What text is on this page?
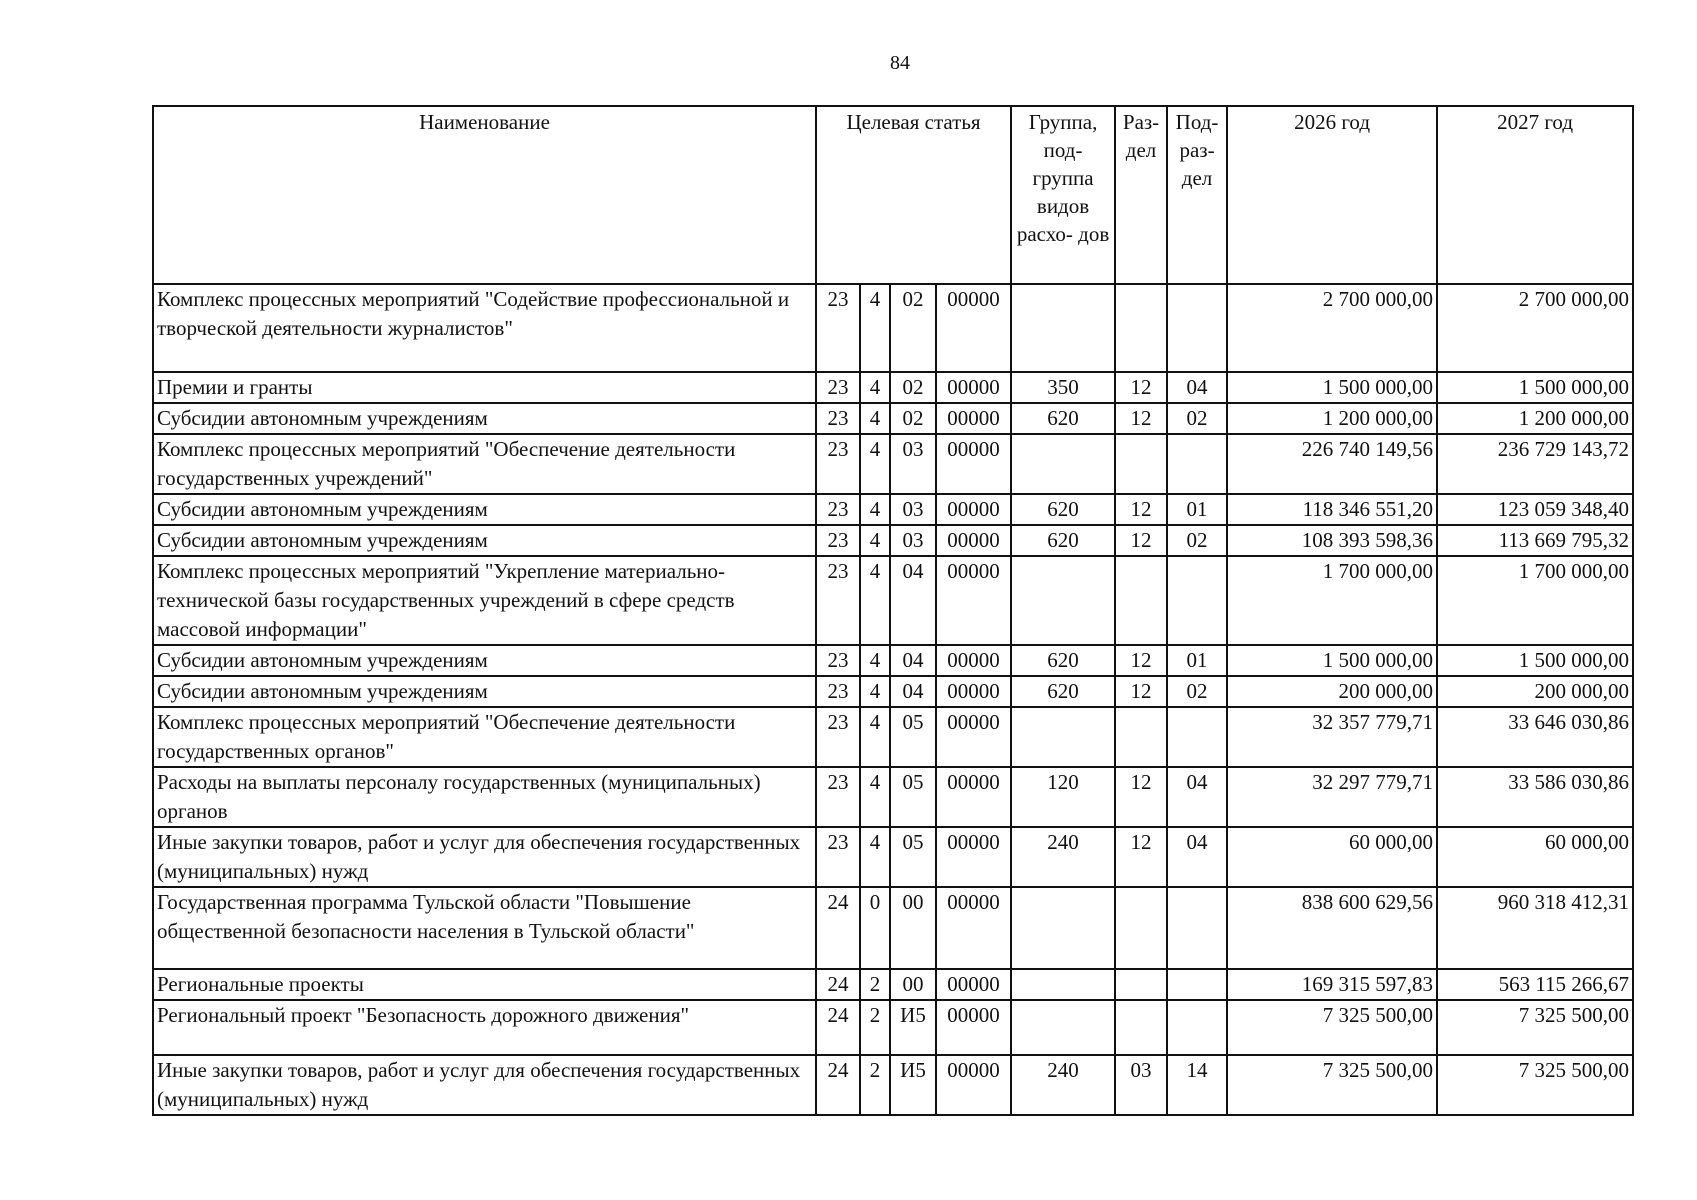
84
Наименование	Целевая статья				Группа, под- группа видов расхо- дов	Раз- дел	Под- раз- дел	2026 год	2027 год
Комплекс процессных мероприятий "Содействие профессиональной и творческой деятельности журналистов"	23	4	02	00000				2 700 000,00	2 700 000,00
Премии и гранты	23	4	02	00000	350	12	04	1 500 000,00	1 500 000,00
Субсидии автономным учреждениям	23	4	02	00000	620	12	02	1 200 000,00	1 200 000,00
Комплекс процессных мероприятий "Обеспечение деятельности государственных учреждений"	23	4	03	00000				226 740 149,56	236 729 143,72
Субсидии автономным учреждениям	23	4	03	00000	620	12	01	118 346 551,20	123 059 348,40
Субсидии автономным учреждениям	23	4	03	00000	620	12	02	108 393 598,36	113 669 795,32
Комплекс процессных мероприятий "Укрепление материально-технической базы государственных учреждений в сфере средств массовой информации"	23	4	04	00000				1 700 000,00	1 700 000,00
Субсидии автономным учреждениям	23	4	04	00000	620	12	01	1 500 000,00	1 500 000,00
Субсидии автономным учреждениям	23	4	04	00000	620	12	02	200 000,00	200 000,00
Комплекс процессных мероприятий "Обеспечение деятельности государственных органов"	23	4	05	00000				32 357 779,71	33 646 030,86
Расходы на выплаты персоналу государственных (муниципальных) органов	23	4	05	00000	120	12	04	32 297 779,71	33 586 030,86
Иные закупки товаров, работ и услуг для обеспечения государственных (муниципальных) нужд	23	4	05	00000	240	12	04	60 000,00	60 000,00
Государственная программа Тульской области "Повышение общественной безопасности населения в Тульской области"	24	0	00	00000				838 600 629,56	960 318 412,31
Региональные проекты	24	2	00	00000				169 315 597,83	563 115 266,67
Региональный проект "Безопасность дорожного движения"	24	2	И5	00000				7 325 500,00	7 325 500,00
Иные закупки товаров, работ и услуг для обеспечения государственных (муниципальных) нужд	24	2	И5	00000	240	03	14	7 325 500,00	7 325 500,00
